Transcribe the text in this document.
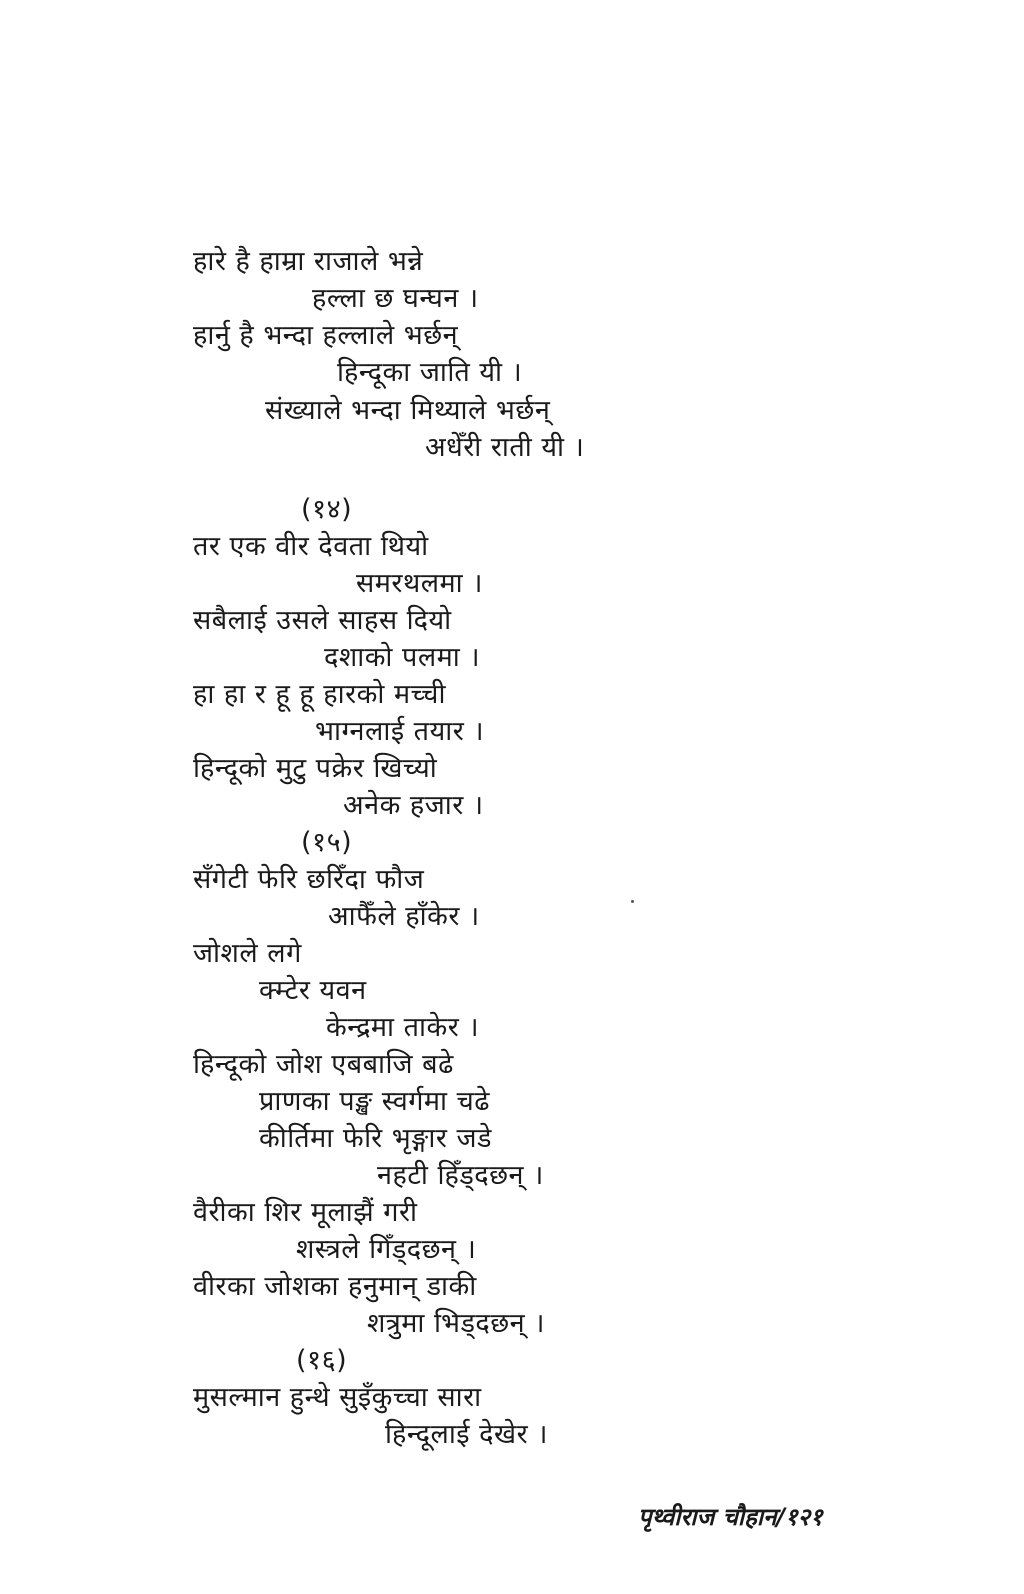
हारे है हाम्रा राजाले भन्ने
हल्ला छ घन्घन ।
हार्नु है भन्दा हल्लाले भर्छन्
हिन्दूका जाति यी ।
संख्याले भन्दा मिथ्याले भर्छन्
अधेँरी राती यी ।
(१४)
तर एक वीर देवता थियो
समरथलमा ।
सबैलाई उसले साहस दियो
दशाको पलमा ।
हा हा र हू हू हारको मच्ची
भाग्नलाई तयार ।
हिन्दूको मुटु पक्रेर खिच्यो
अनेक हजार ।
(१५)
सँगेटी फेरि छरिँदा फौज
आफैँले हाँकेर ।
जोशले लगे
क्म्टेर यवन
केन्द्रमा ताकेर ।
हिन्दूको जोश एबबाजि बढे
प्राणका पङ्ख स्वर्गमा चढे
कीर्तिमा फेरि भृङ्गार जडे
नहटी हिँड्दछन् ।
वैरीका शिर मूलाझैं गरी
शस्त्रले गिँड्दछन् ।
वीरका जोशका हनुमान् डाकी
शत्रुमा भिड्दछन् ।
(१६)
मुसल्मान हुन्थे सुइँकुच्चा सारा
हिन्दूलाई देखेर ।
पृथ्वीराज चौहान/१२१
